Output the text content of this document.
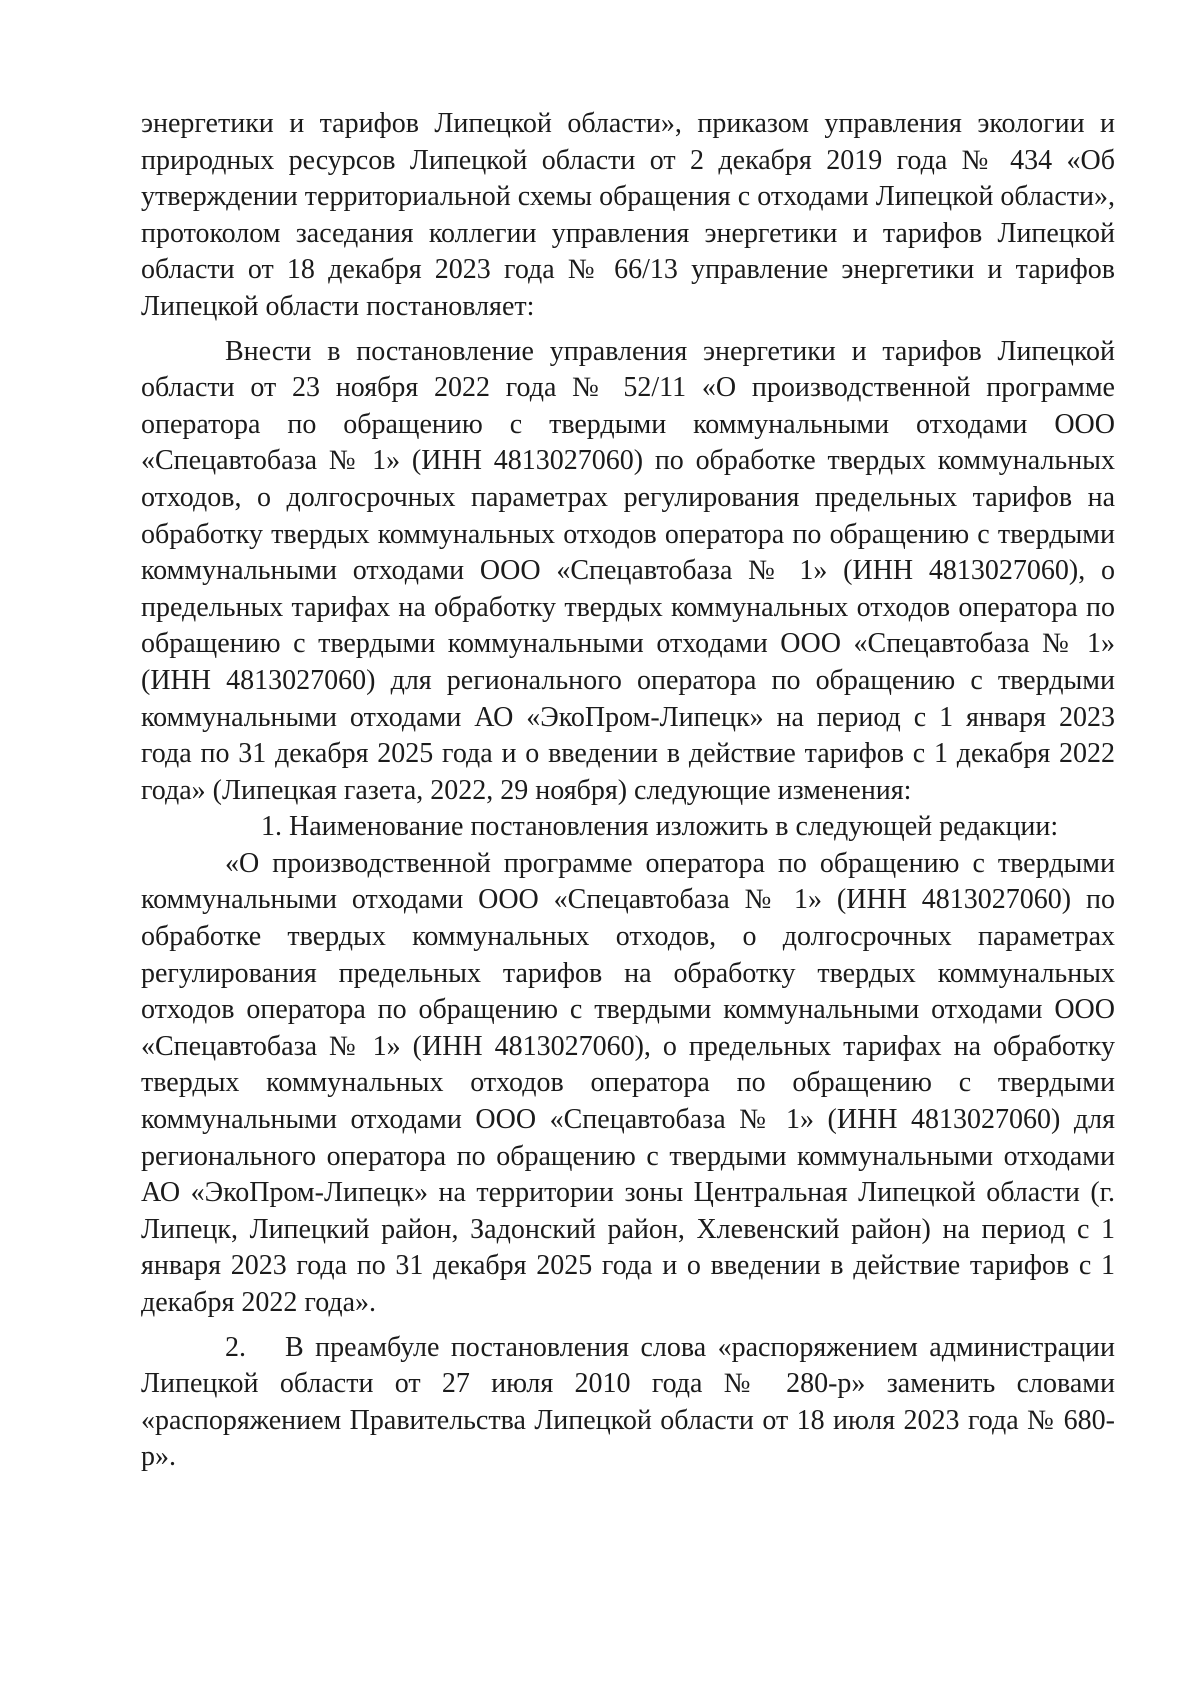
энергетики и тарифов Липецкой области», приказом управления экологии и природных ресурсов Липецкой области от 2 декабря 2019 года № 434 «Об утверждении территориальной схемы обращения с отходами Липецкой области», протоколом заседания коллегии управления энергетики и тарифов Липецкой области от 18 декабря 2023 года № 66/13 управление энергетики и тарифов Липецкой области постановляет:

Внести в постановление управления энергетики и тарифов Липецкой области от 23 ноября 2022 года № 52/11 «О производственной программе оператора по обращению с твердыми коммунальными отходами ООО «Спецавтобаза № 1» (ИНН 4813027060) по обработке твердых коммунальных отходов, о долгосрочных параметрах регулирования предельных тарифов на обработку твердых коммунальных отходов оператора по обращению с твердыми коммунальными отходами ООО «Спецавтобаза № 1» (ИНН 4813027060), о предельных тарифах на обработку твердых коммунальных отходов оператора по обращению с твердыми коммунальными отходами ООО «Спецавтобаза № 1» (ИНН 4813027060) для регионального оператора по обращению с твердыми коммунальными отходами АО «ЭкоПром-Липецк» на период с 1 января 2023 года по 31 декабря 2025 года и о введении в действие тарифов с 1 декабря 2022 года» (Липецкая газета, 2022, 29 ноября) следующие изменения:

1. Наименование постановления изложить в следующей редакции:

«О производственной программе оператора по обращению с твердыми коммунальными отходами ООО «Спецавтобаза № 1» (ИНН 4813027060) по обработке твердых коммунальных отходов, о долгосрочных параметрах регулирования предельных тарифов на обработку твердых коммунальных отходов оператора по обращению с твердыми коммунальными отходами ООО «Спецавтобаза № 1» (ИНН 4813027060), о предельных тарифах на обработку твердых коммунальных отходов оператора по обращению с твердыми коммунальными отходами ООО «Спецавтобаза № 1» (ИНН 4813027060) для регионального оператора по обращению с твердыми коммунальными отходами АО «ЭкоПром-Липецк» на территории зоны Центральная Липецкой области (г. Липецк, Липецкий район, Задонский район, Хлевенский район) на период с 1 января 2023 года по 31 декабря 2025 года и о введении в действие тарифов с 1 декабря 2022 года».

2. В преамбуле постановления слова «распоряжением администрации Липецкой области от 27 июля 2010 года № 280-р» заменить словами «распоряжением Правительства Липецкой области от 18 июля 2023 года № 680-р».
